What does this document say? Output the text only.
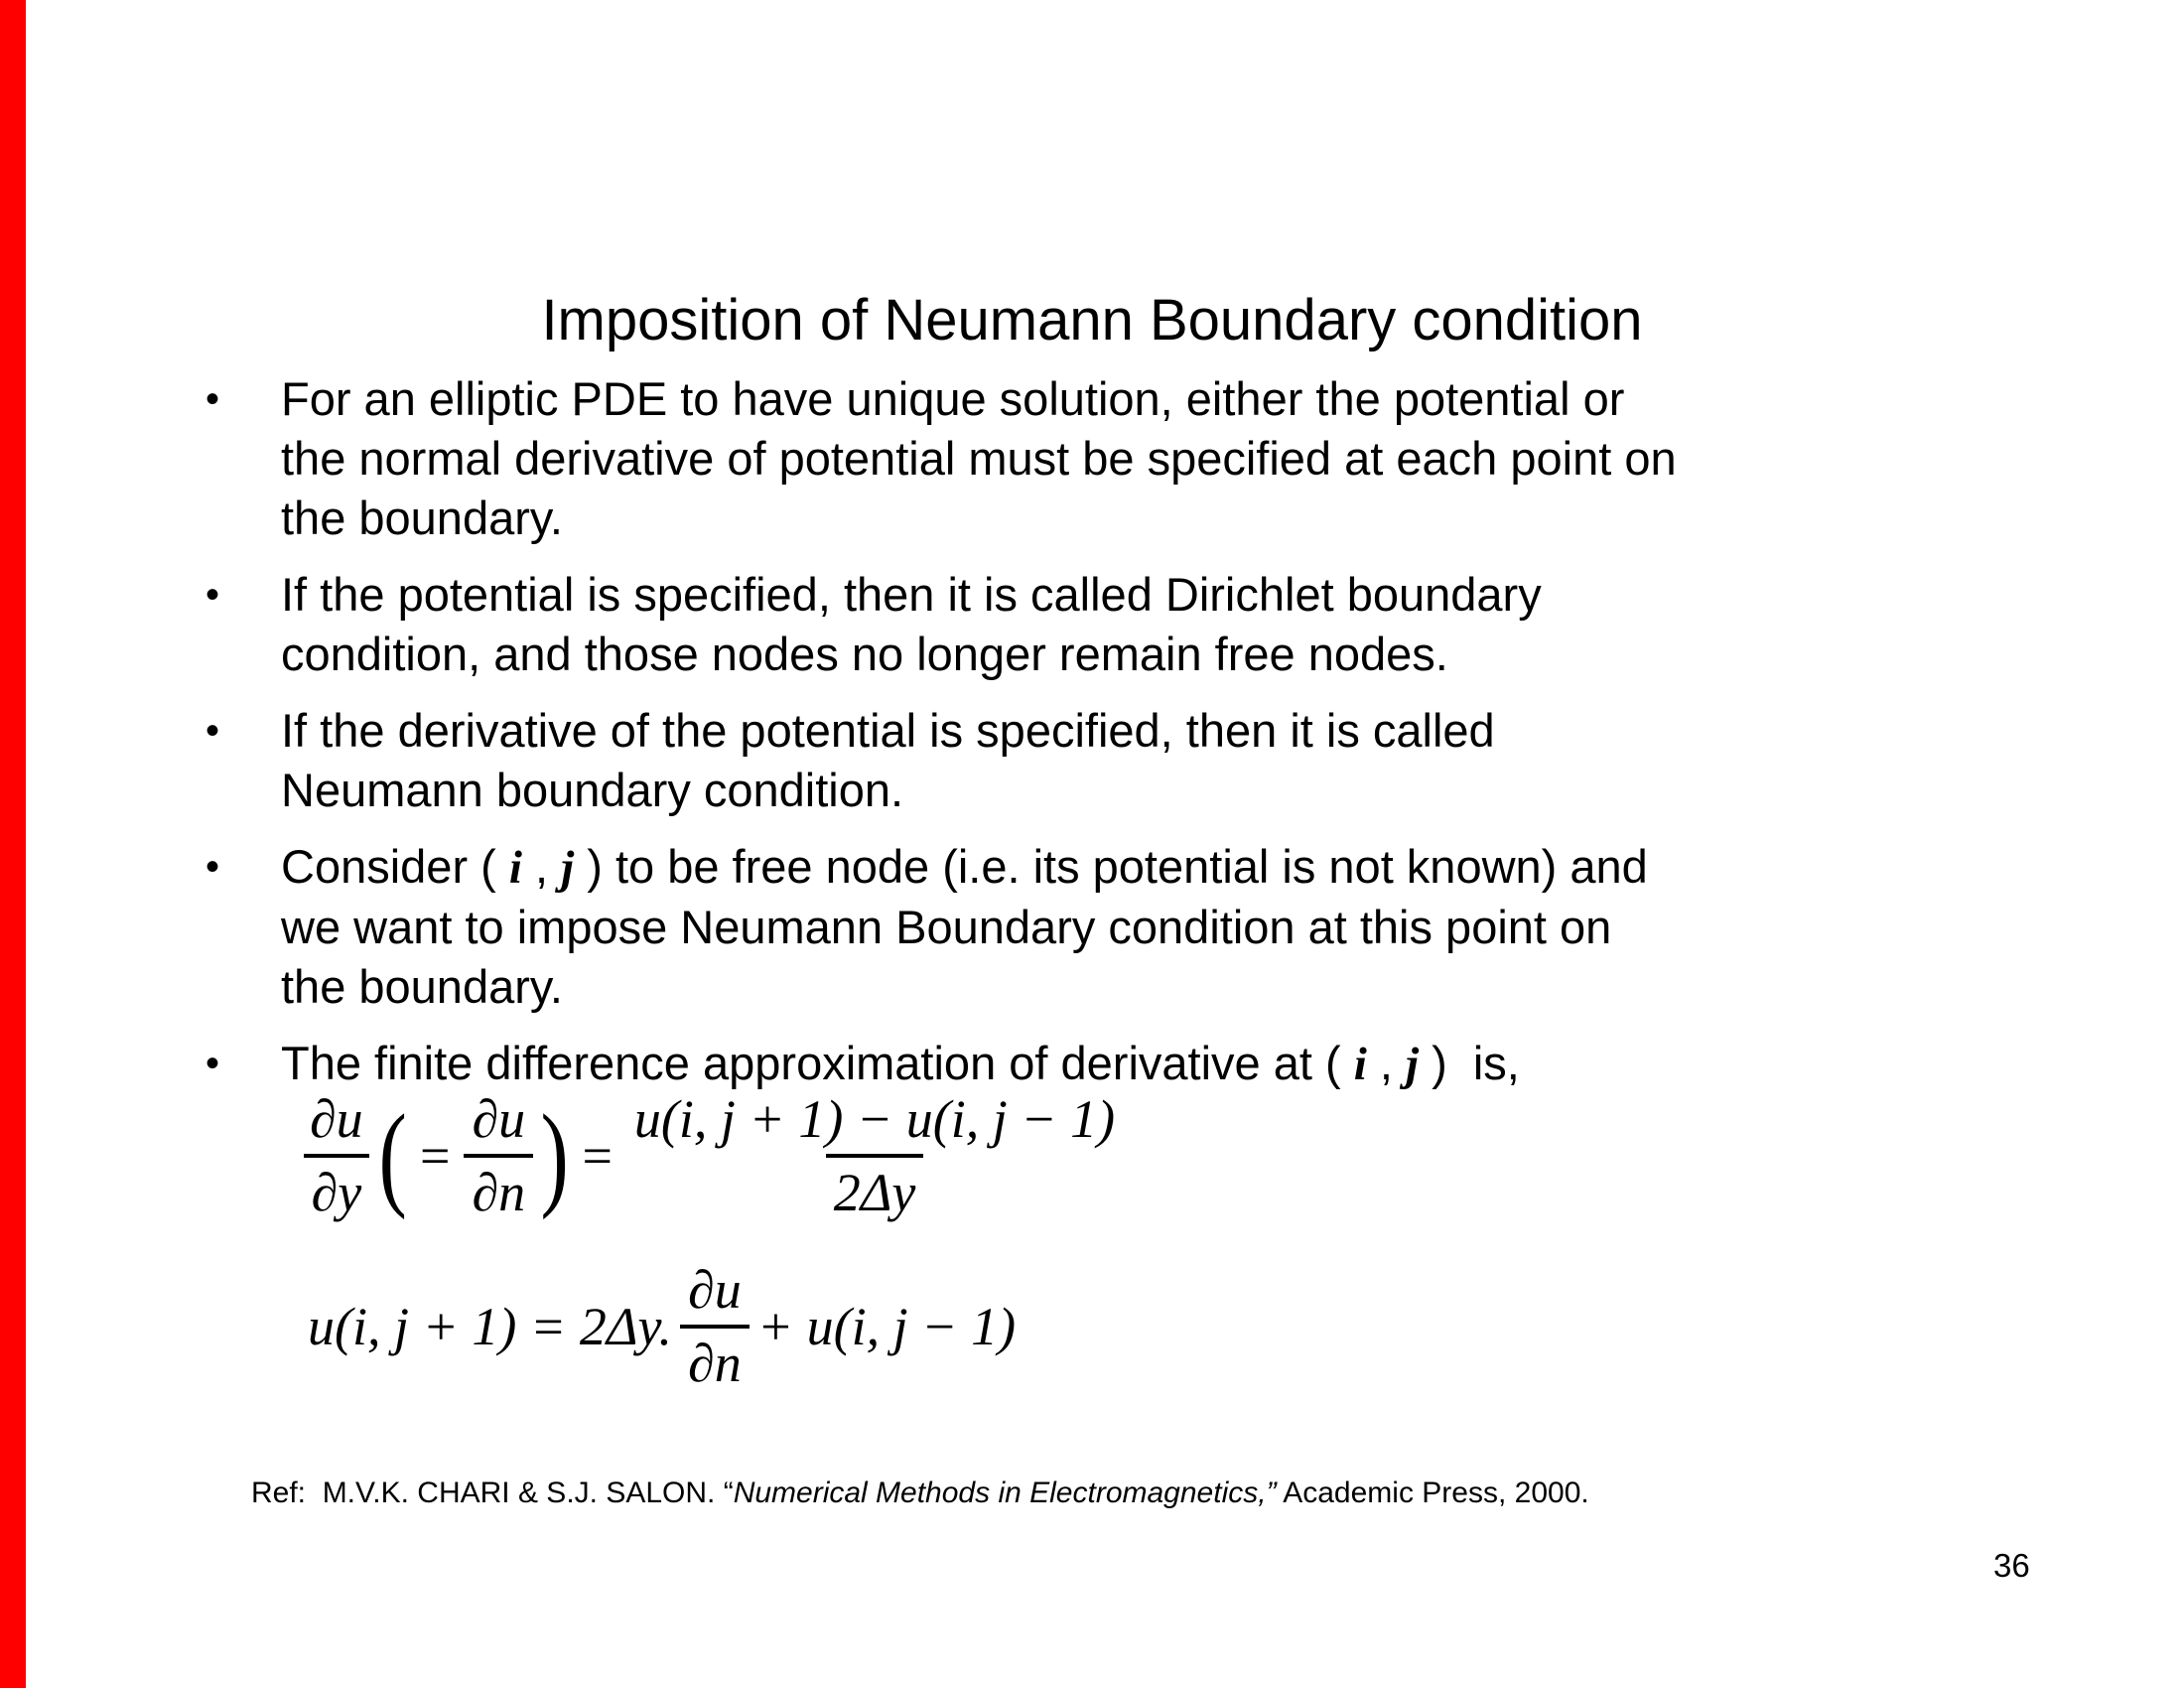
Imposition of Neumann Boundary condition
•	For an elliptic PDE to have unique solution, either the potential or
the normal derivative of potential must be specified at each point on
the boundary.
•	If the potential is specified, then it is called Dirichlet boundary
condition, and those nodes no longer remain free nodes.
•	If the derivative of the potential is specified, then it is called
Neumann boundary condition.
•	Consider ( i , j ) to be free node (i.e. its potential is not known) and
we want to impose Neumann Boundary condition at this point on
the boundary.
•	The finite difference approximation of derivative at ( i , j )  is,
$\frac{\partial u}{\partial y}$ ( = $\frac{\partial u}{\partial n}$ ) = $\frac{u(i, j + 1) - u(i, j - 1)}{2\Delta y}$
u(i, j + 1) = 2Δy. $\frac{\partial u}{\partial n} + u(i$, j − 1)
Ref:  M.V.K. CHARI & S.J. SALON. “Numerical Methods in Electromagnetics,” Academic Press, 2000.
36
